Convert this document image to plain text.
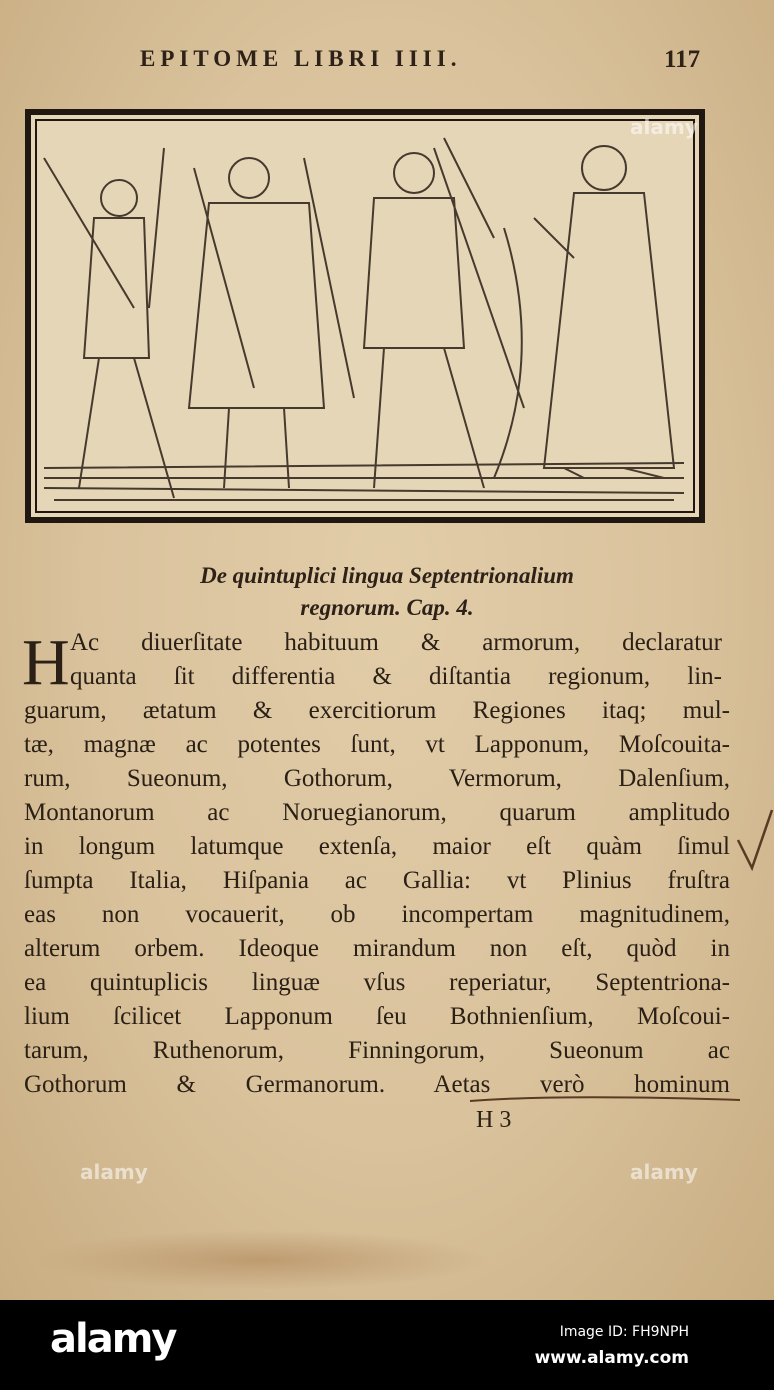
EPITOME LIBRI IIII.	117
De quintuplici lingua Septentrionalium
regnorum. Cap. 4.
H Ac diuerſitate habituum & armorum, declaratur
quanta ſit differentia & diſtantia regionum, lin-
guarum, ætatum & exercitiorum Regiones itaq; mul-
tæ, magnæ ac potentes ſunt, vt Lapponum, Moſcouita-
rum, Sueonum, Gothorum, Vermorum, Dalenſium,
Montanorum ac Noruegianorum, quarum amplitudo
in longum latumque extenſa, maior eſt quàm ſimul
ſumpta Italia, Hiſpania ac Gallia: vt Plinius fruſtra
eas non vocauerit, ob incompertam magnitudinem,
alterum orbem. Ideoque mirandum non eſt, quòd in
ea quintuplicis linguæ vſus reperiatur, Septentriona-
lium ſcilicet Lapponum ſeu Bothnienſium, Moſcoui-
tarum, Ruthenorum, Finningorum, Sueonum ac
Gothorum & Germanorum. Aetas verò hominum
H 3
alamy
alamy	alamy
alamy	Image ID: FH9NPH
www.alamy.com
